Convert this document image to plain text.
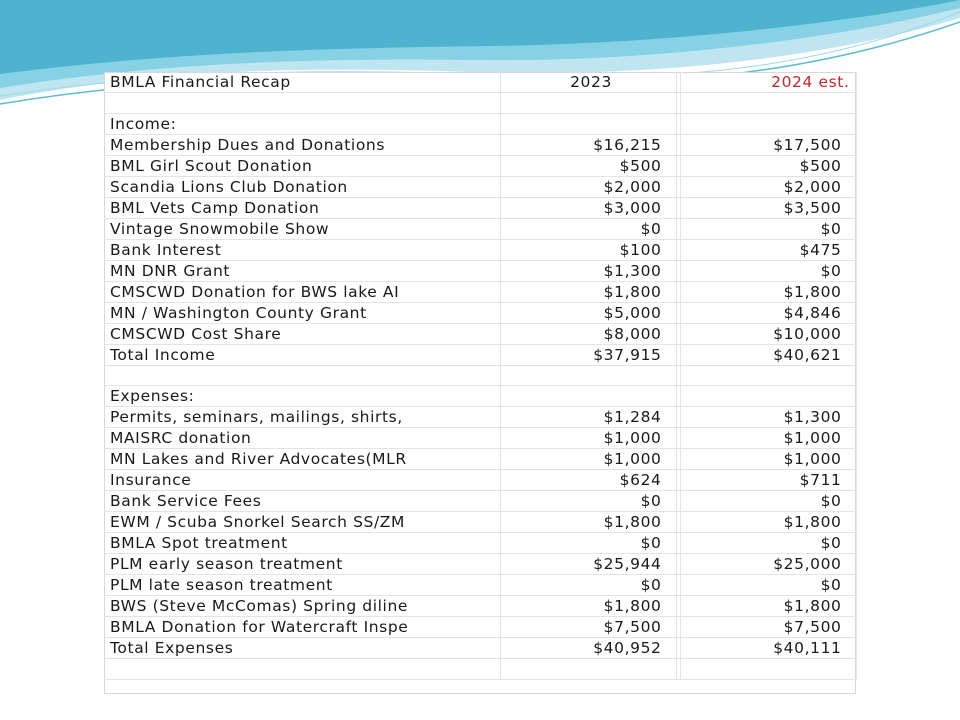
BMLA Financial Recap	2023		2024 est.

Income:			
Membership Dues and Donations	$16,215		$17,500
BML Girl Scout Donation	$500		$500
Scandia Lions Club Donation	$2,000		$2,000
BML Vets Camp Donation	$3,000		$3,500
Vintage Snowmobile Show	$0		$0
Bank Interest	$100		$475
MN DNR Grant	$1,300		$0
CMSCWD Donation for BWS lake AI	$1,800		$1,800
MN / Washington County Grant	$5,000		$4,846
CMSCWD Cost Share	$8,000		$10,000
Total Income	$37,915		$40,621

Expenses:			
Permits, seminars, mailings, shirts,	$1,284		$1,300
MAISRC donation	$1,000		$1,000
MN Lakes and River Advocates(MLR	$1,000		$1,000
Insurance	$624		$711
Bank Service Fees	$0		$0
EWM / Scuba Snorkel Search SS/ZM	$1,800		$1,800
BMLA Spot treatment	$0		$0
PLM early season treatment	$25,944		$25,000
PLM late season treatment	$0		$0
BWS (Steve McComas) Spring diline	$1,800		$1,800
BMLA Donation for Watercraft Inspe	$7,500		$7,500
Total Expenses	$40,952		$40,111
